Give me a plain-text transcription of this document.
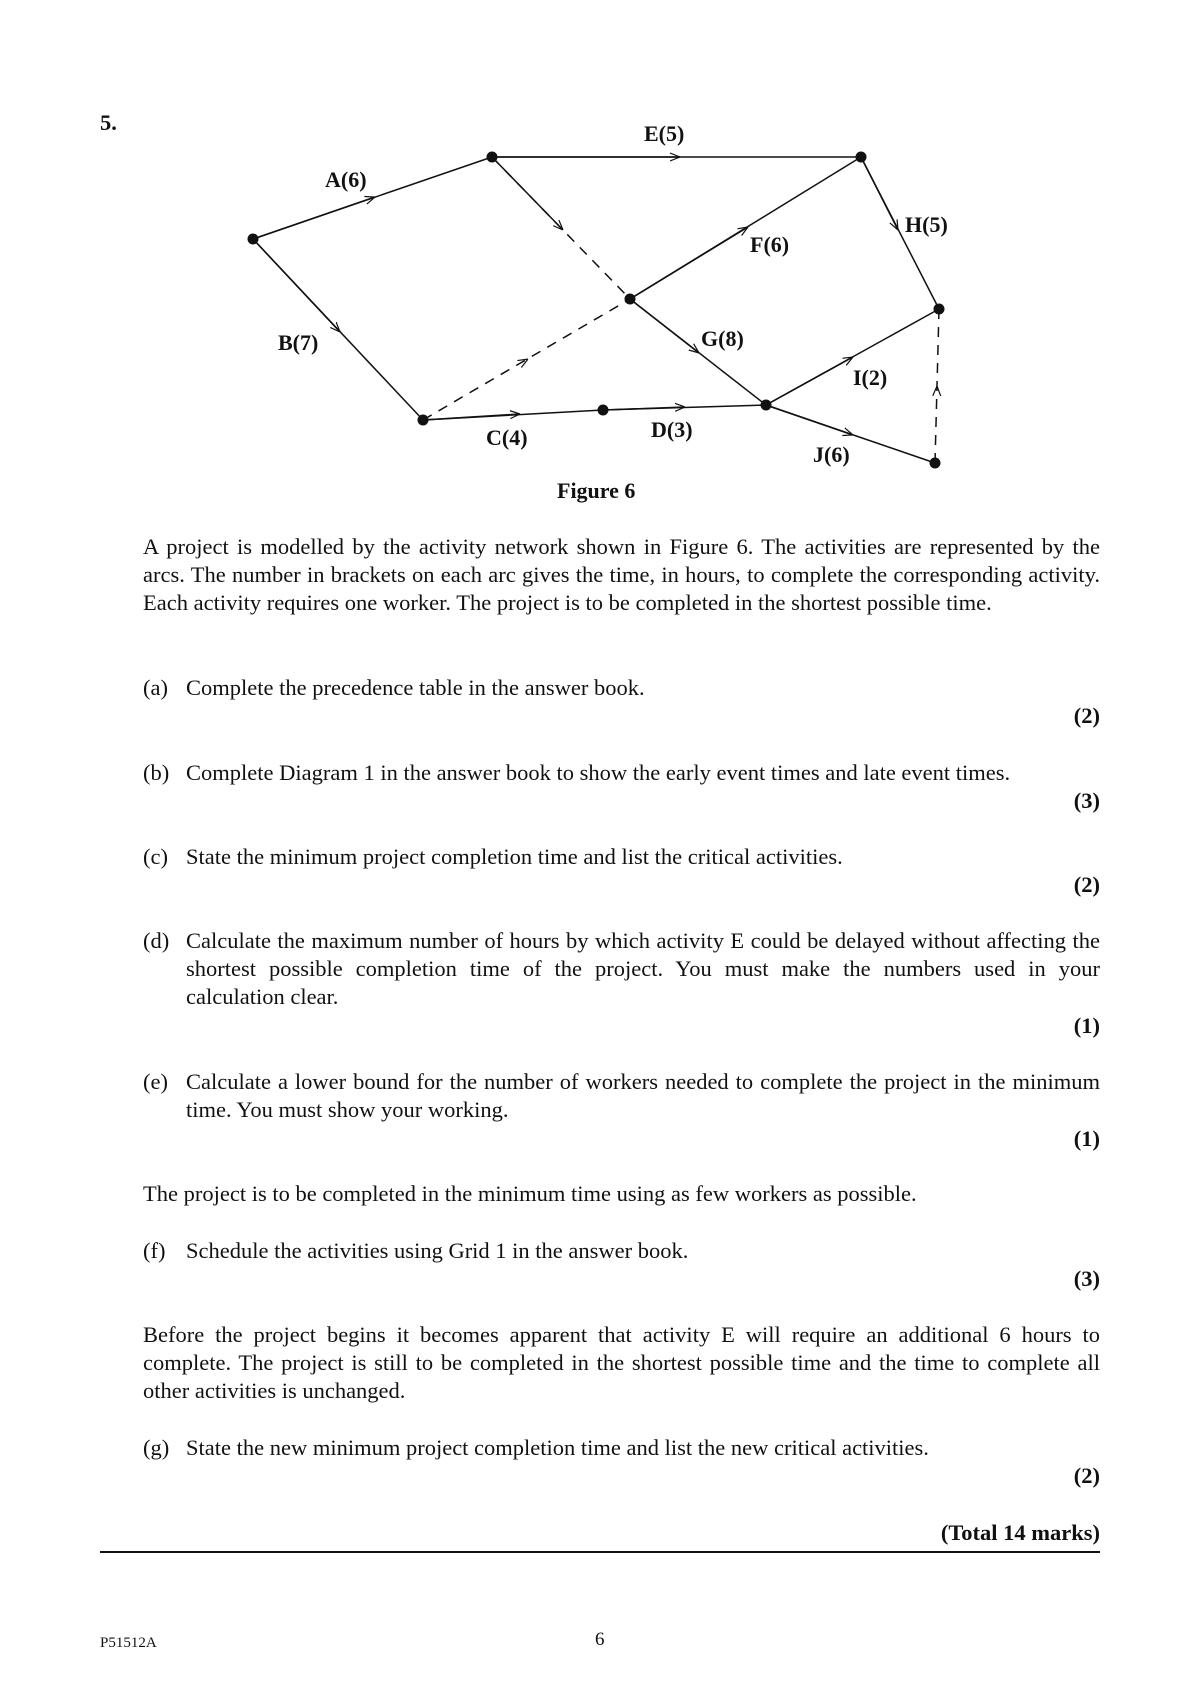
5.
A(6)
B(7)
C(4)	D(3)
E(5)
F(6)
G(8)
H(5)
I(2)
J(6)
Figure 6
A project is modelled by the activity network shown in Figure 6. The activities are represented by the arcs. The number in brackets on each arc gives the time, in hours, to complete the corresponding activity. Each activity requires one worker. The project is to be completed in the shortest possible time.
(a) Complete the precedence table in the answer book.
(2)
(b) Complete Diagram 1 in the answer book to show the early event times and late event times.
(3)
(c) State the minimum project completion time and list the critical activities.
(2)
(d) Calculate the maximum number of hours by which activity E could be delayed without affecting the shortest possible completion time of the project. You must make the numbers used in your calculation clear.
(1)
(e) Calculate a lower bound for the number of workers needed to complete the project in the minimum time. You must show your working.
(1)
The project is to be completed in the minimum time using as few workers as possible.
(f) Schedule the activities using Grid 1 in the answer book.
(3)
Before the project begins it becomes apparent that activity E will require an additional 6 hours to complete. The project is still to be completed in the shortest possible time and the time to complete all other activities is unchanged.
(g) State the new minimum project completion time and list the new critical activities.
(2)
(Total 14 marks)
P51512A	6
